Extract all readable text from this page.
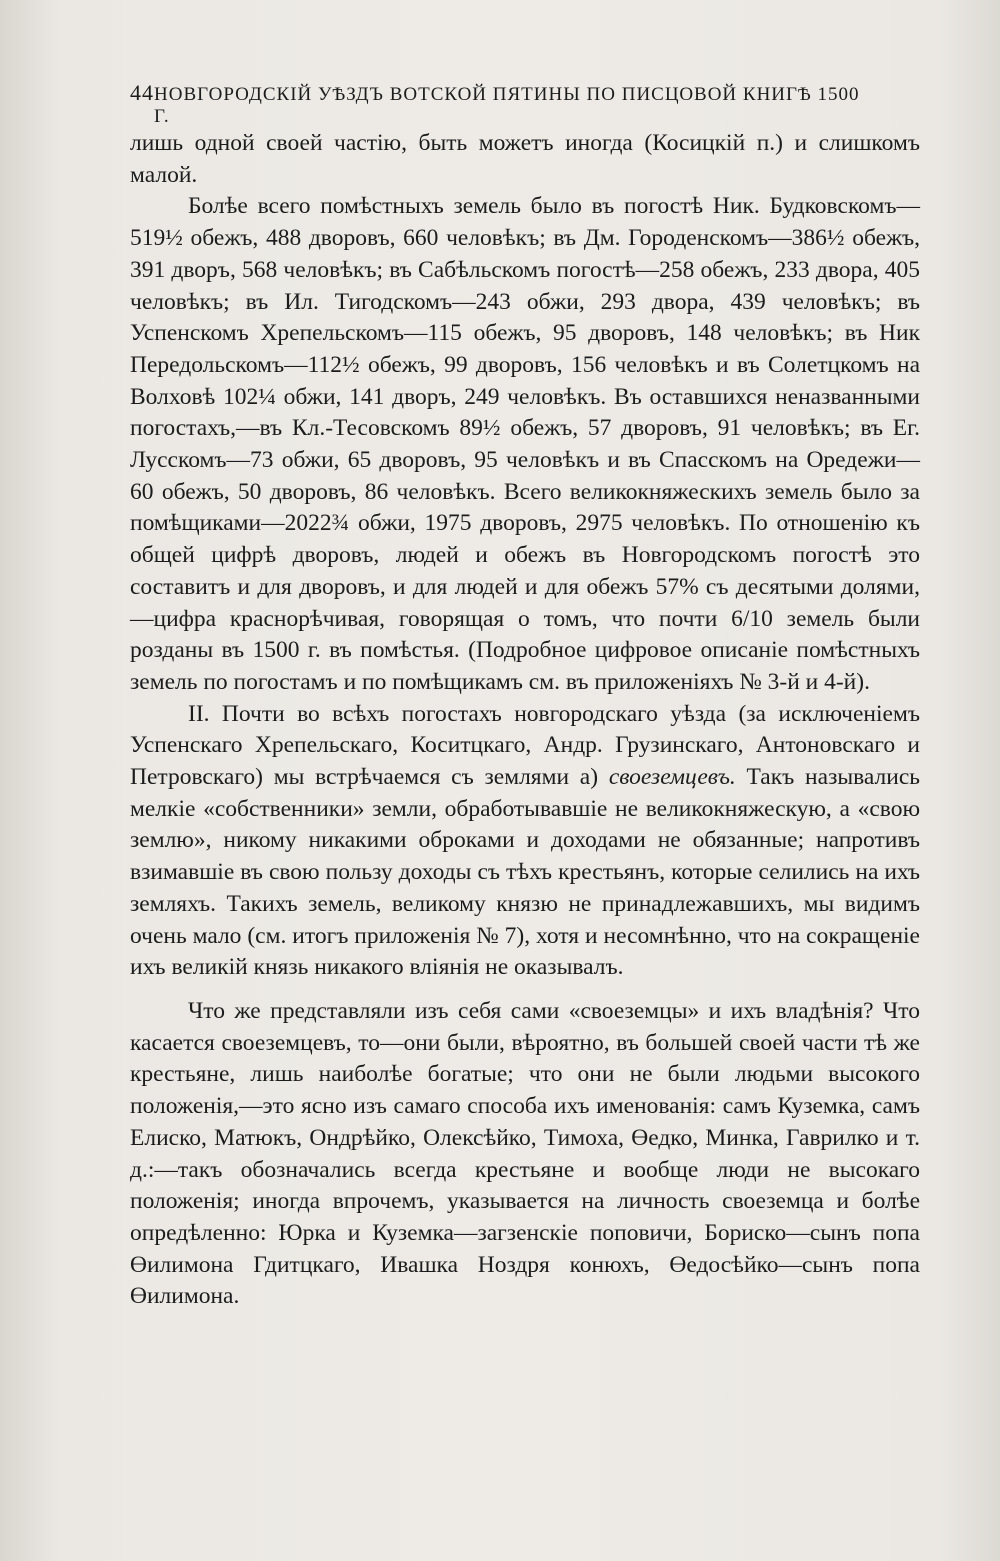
44 НОВГОРОДСКІЙ УѢЗДЪ ВОТСКОЙ ПЯТИНЫ ПО ПИСЦОВОЙ КНИГѢ 1500 Г.

лишь одной своей частію, быть можетъ иногда (Косицкій п.) и слишкомъ малой.

Болѣе всего помѣстныхъ земель было въ погостѣ Ник. Будковскомъ—519½ обежъ, 488 дворовъ, 660 человѣкъ; въ Дм. Городенскомъ—386½ обежъ, 391 дворъ, 568 человѣкъ; въ Сабѣльскомъ погостѣ—258 обежъ, 233 двора, 405 человѣкъ; въ Ил. Тигодскомъ—243 обжи, 293 двора, 439 человѣкъ; въ Успенскомъ Хрепельскомъ—115 обежъ, 95 дворовъ, 148 человѣкъ; въ Ник Передольскомъ—112½ обежъ, 99 дворовъ, 156 человѣкъ и въ Солетцкомъ на Волховѣ 102¼ обжи, 141 дворъ, 249 человѣкъ. Въ оставшихся неназванными погостахъ,—въ Кл.-Тесовскомъ 89½ обежъ, 57 дворовъ, 91 человѣкъ; въ Ег. Лусскомъ—73 обжи, 65 дворовъ, 95 человѣкъ и въ Спасскомъ на Оредежи—60 обежъ, 50 дворовъ, 86 человѣкъ. Всего великокняжескихъ земель было за помѣщиками—2022¾ обжи, 1975 дворовъ, 2975 человѣкъ. По отношенію къ общей цифрѣ дворовъ, людей и обежъ въ Новгородскомъ погостѣ это составитъ и для дворовъ, и для людей и для обежъ 57% съ десятыми долями,—цифра краснорѣчивая, говорящая о томъ, что почти 6/10 земель были розданы въ 1500 г. въ помѣстья. (Подробное цифровое описаніе помѣстныхъ земель по погостамъ и по помѣщикамъ см. въ приложеніяхъ № 3-й и 4-й).

II. Почти во всѣхъ погостахъ новгородскаго уѣзда (за исключеніемъ Успенскаго Хрепельскаго, Коситцкаго, Андр. Грузинскаго, Антоновскаго и Петровскаго) мы встрѣчаемся съ землями а) своеземцевъ. Такъ назывались мелкіе «собственники» земли, обработывавшіе не великокняжескую, а «свою землю», никому никакими оброками и доходами не обязанные; напротивъ взимавшіе въ свою пользу доходы съ тѣхъ крестьянъ, которые селились на ихъ земляхъ. Такихъ земель, великому князю не принадлежавшихъ, мы видимъ очень мало (см. итогъ приложенія № 7), хотя и несомнѣнно, что на сокращеніе ихъ великій князь никакого вліянія не оказывалъ.

Что же представляли изъ себя сами «своеземцы» и ихъ владѣнія? Что касается своеземцевъ, то—они были, вѣроятно, въ большей своей части тѣ же крестьяне, лишь наиболѣе богатые; что они не были людьми высокого положенія,—это ясно изъ самаго способа ихъ именованія: самъ Куземка, самъ Елиско, Матюкъ, Ондрѣйко, Олексѣйко, Тимоха, Өедко, Минка, Гаврилко и т. д.:—такъ обозначались всегда крестьяне и вообще люди не высокаго положенія; иногда впрочемъ, указывается на личность своеземца и болѣе опредѣленно: Юрка и Куземка—загзенскіе поповичи, Бориско—сынъ попа Өилимона Гдитцкаго, Ивашка Ноздря конюхъ, Өедосѣйко—сынъ попа Өилимона.
